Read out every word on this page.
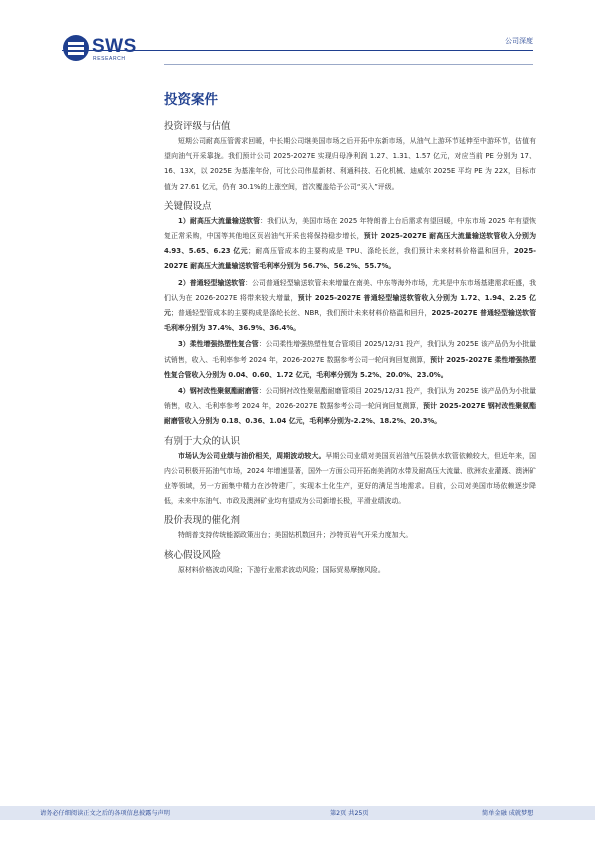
SWS
RESEARCH
公司深度
投资案件
投资评级与估值

短期公司耐高压管需求回暖，中长期公司继美国市场之后开拓中东新市场，从油气上游环节延伸至中游环节，估值有望向油气开采靠拢。我们预计公司 2025-2027E 实现归母净利润 1.27、1.31、1.57 亿元，对应当前 PE 分别为 17、16、13X，以 2025E 为基准年份，可比公司伟星新材、利通科技、石化机械、迪威尔 2025E 平均 PE 为 22X，目标市值为 27.61 亿元，仍有 30.1%的上涨空间，首次覆盖给予公司“买入”评级。

关键假设点

1）耐高压大流量输送软管：我们认为，美国市场在 2025 年特朗普上台后需求有望回暖，中东市场 2025 年有望恢复正常采购，中国等其他地区页岩油气开采也将保持稳步增长，预计 2025-2027E 耐高压大流量输送软管收入分别为 4.93、5.65、6.23 亿元；耐高压管成本的主要构成是 TPU、涤纶长丝，我们预计未来材料价格温和回升，2025-2027E 耐高压大流量输送软管毛利率分别为 56.7%、56.2%、55.7%。

2）普通轻型输送软管：公司普通轻型输送软管未来增量在南美、中东等海外市场，尤其是中东市场基建需求旺盛，我们认为在 2026-2027E 将带来较大增量，预计 2025-2027E 普通轻型输送软管收入分别为 1.72、1.94、2.25 亿元；普通轻型管成本的主要构成是涤纶长丝、NBR，我们预计未来材料价格温和回升，2025-2027E 普通轻型输送软管毛利率分别为 37.4%、36.9%、36.4%。

3）柔性增强热塑性复合管：公司柔性增强热塑性复合管项目 2025/12/31 投产，我们认为 2025E 该产品仍为小批量试销售，收入、毛利率参考 2024 年，2026-2027E 数据参考公司一轮问询回复测算，预计 2025-2027E 柔性增强热塑性复合管收入分别为 0.04、0.60、1.72 亿元，毛利率分别为 5.2%、20.0%、23.0%。

4）钢衬改性聚氨酯耐磨管：公司钢衬改性聚氨酯耐磨管项目 2025/12/31 投产，我们认为 2025E 该产品仍为小批量销售，收入、毛利率参考 2024 年，2026-2027E 数据参考公司一轮问询回复测算，预计 2025-2027E 钢衬改性聚氨酯耐磨管收入分别为 0.18、0.36、1.04 亿元，毛利率分别为-2.2%、18.2%、20.3%。

有别于大众的认识

市场认为公司业绩与油价相关，周期波动较大。早期公司业绩对美国页岩油气压裂供水软管依赖较大，但近年来，国内公司积极开拓油气市场，2024 年增速显著，国外一方面公司开拓南美消防水带及耐高压大流量、欧洲农业灌溉、澳洲矿业等领域，另一方面集中精力在沙特建厂，实现本土化生产，更好的满足当地需求。目前，公司对美国市场依赖逐步降低，未来中东油气、市政及澳洲矿业均有望成为公司新增长极，平滑业绩波动。

股价表现的催化剂

特朗普支持传统能源政策出台；美国钻机数回升；沙特页岩气开采力度加大。

核心假设风险

原材料价格波动风险；下游行业需求波动风险；国际贸易摩擦风险。

请务必仔细阅读正文之后的各项信息披露与声明	第2页 共25页	简单金融 成就梦想
